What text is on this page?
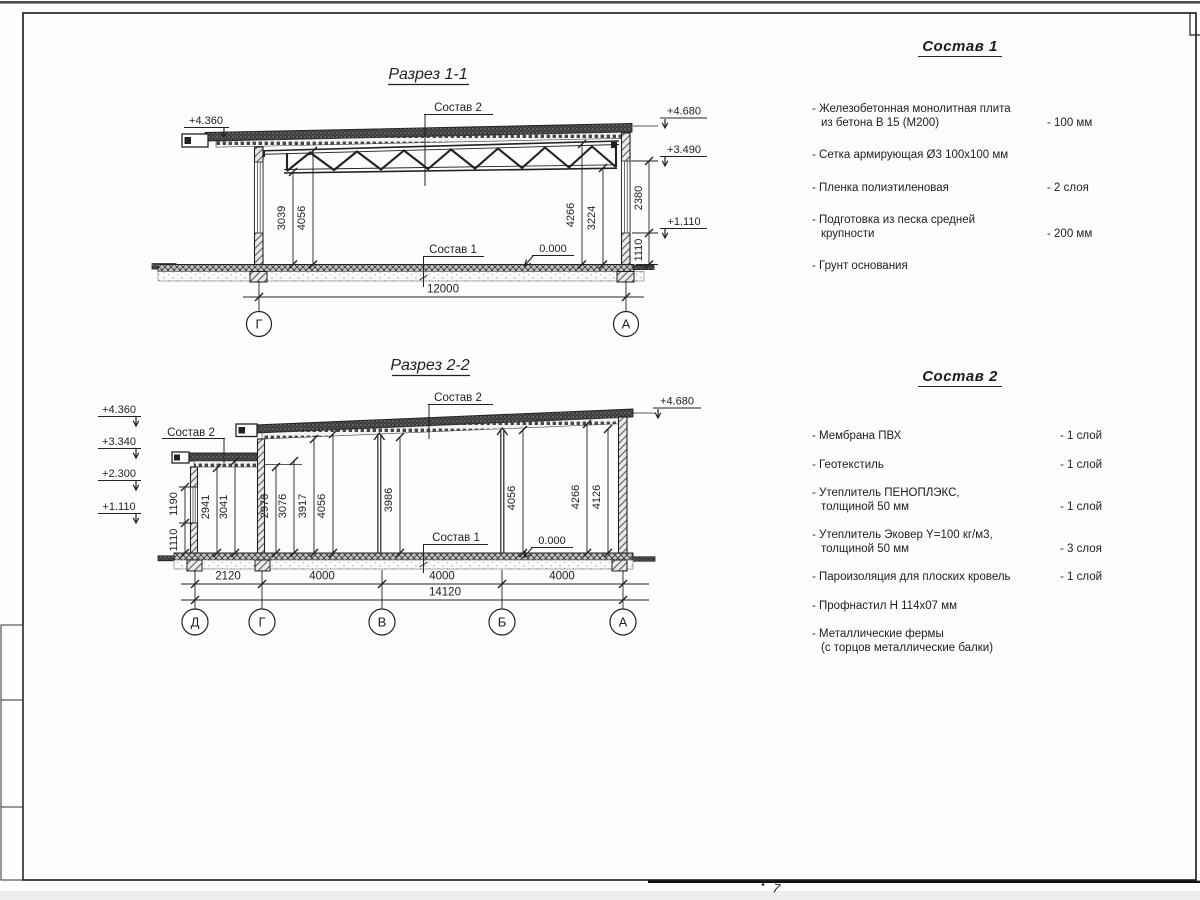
7
Разрез 1-1
Состав 2
Состав 1
+4.360
+4.680
+3.490
+1.110
0.000
3039 4056	4266 3224
2380
1110
12000
Г	А
Разрез 2-2
Состав 2
Состав 2
Состав 1
+4.360
+3.340
+2.300
+1.110
+4.680
0.000
1110
1190 2941 3041	2976 3076 3917 4056	3986	4056	4266 4126
2120	4000	4000	4000
14120
Д	Г	В	Б	А
Состав 1
- Железобетонная монолитная плита
из бетона В 15 (М200)	- 100 мм
- Сетка армирующая Ø3 100х100 мм
- Пленка полиэтиленовая	- 2 слоя
- Подготовка из песка средней
крупности	- 200 мм
- Грунт основания
Состав 2
- Мембрана ПВХ	- 1 слой
- Геотекстиль	- 1 слой
- Утеплитель ПЕНОПЛЭКС,
толщиной 50 мм	- 1 слой
- Утеплитель Эковер Y=100 кг/м3,
толщиной 50 мм	- 3 слоя
- Пароизоляция для плоских кровель	- 1 слой
- Профнастил Н 114х07 мм
- Металлические фермы
(с торцов металлические балки)
